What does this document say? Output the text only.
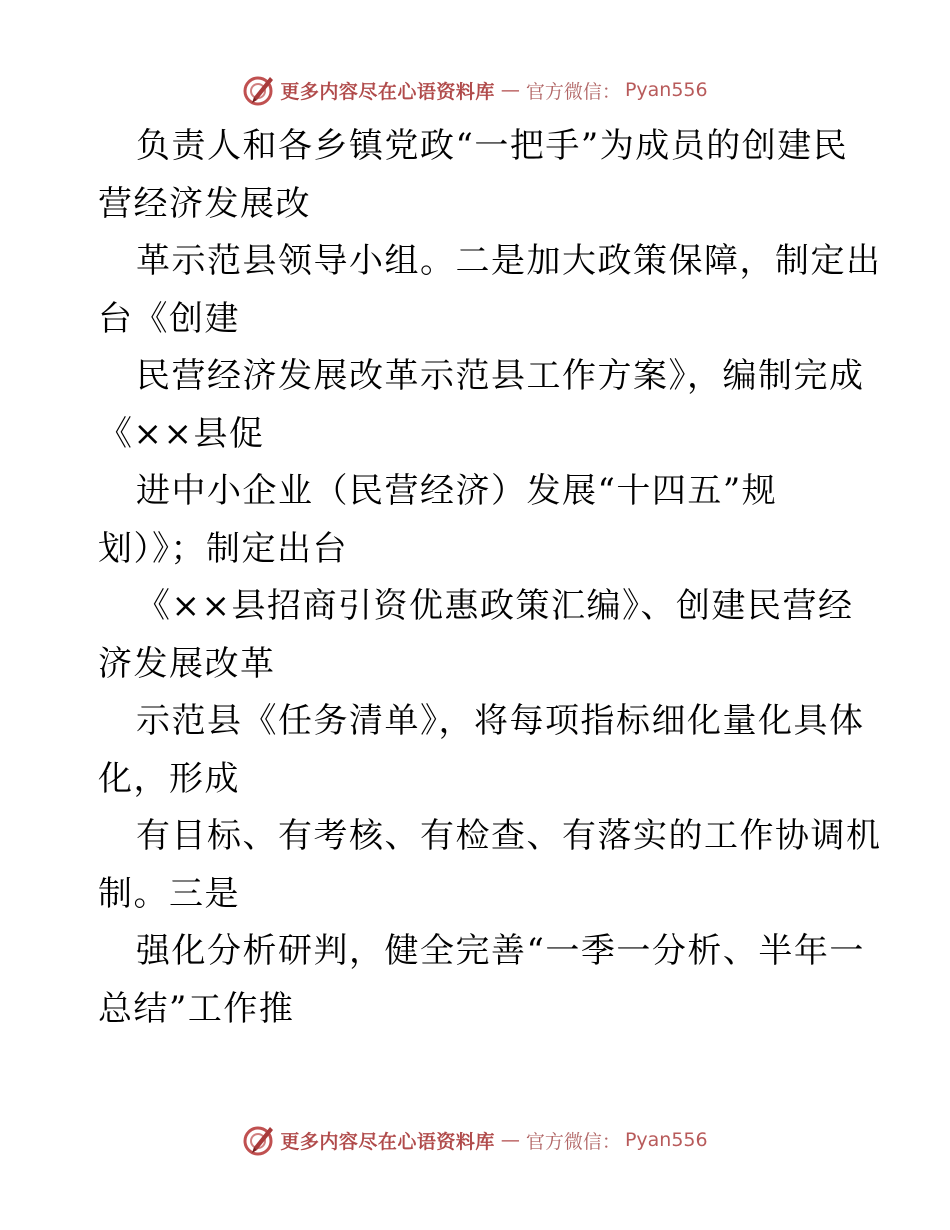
更多内容尽在心语资料库 — 官方微信： Pyan556
负责人和各乡镇党政“一把手”为成员的创建民
营经济发展改
革示范县领导小组。二是加大政策保障，制定出
台《创建
民营经济发展改革示范县工作方案》，编制完成
《××县促
进中小企业（民营经济）发展“十四五”规
划）》；制定出台
《××县招商引资优惠政策汇编》、创建民营经
济发展改革
示范县《任务清单》，将每项指标细化量化具体
化，形成
有目标、有考核、有检查、有落实的工作协调机
制。三是
强化分析研判，健全完善“一季一分析、半年一
总结”工作推
更多内容尽在心语资料库 — 官方微信： Pyan556
